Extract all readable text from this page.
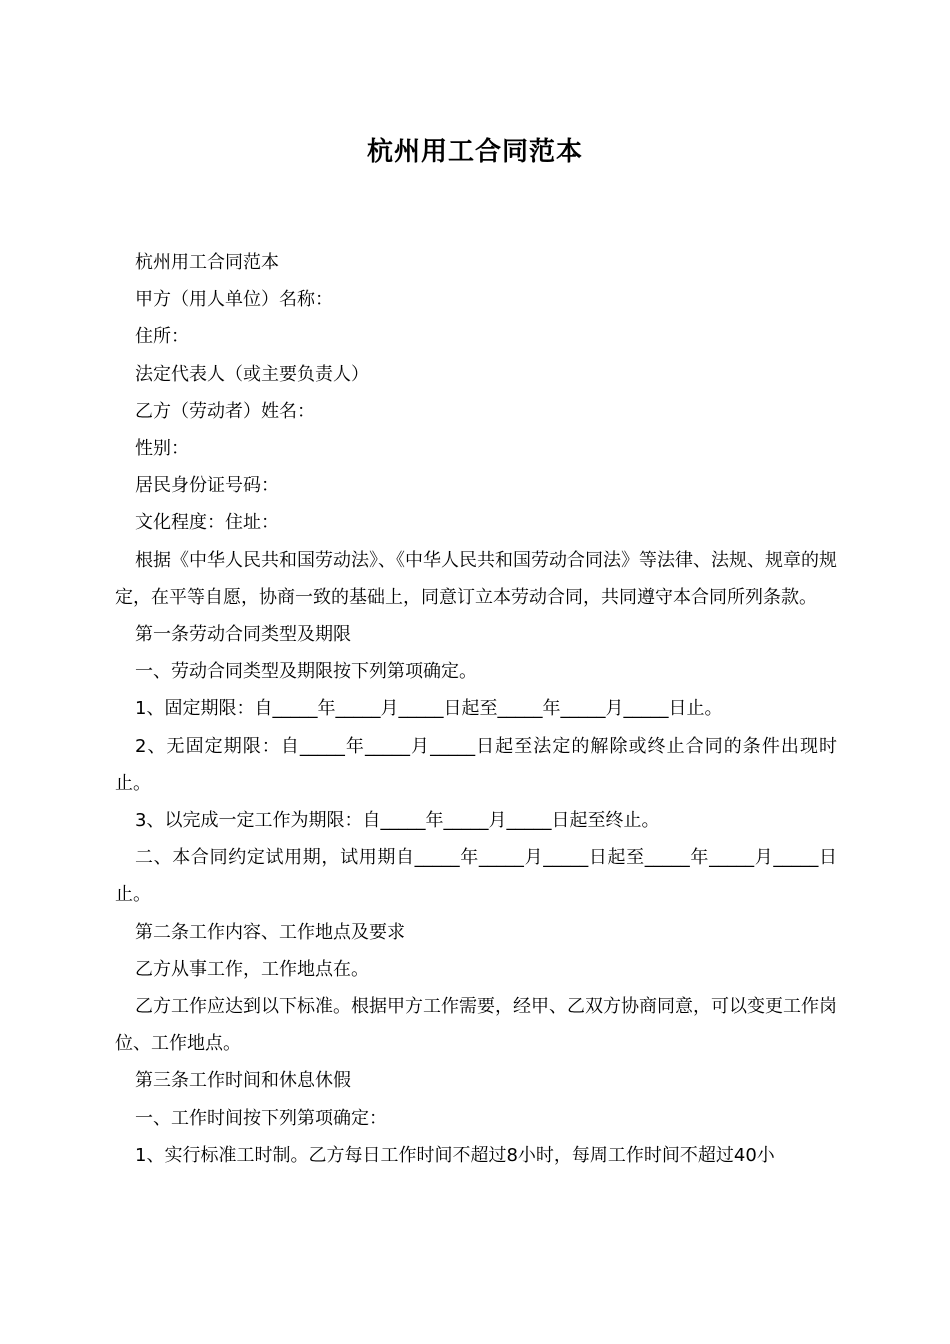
杭州用工合同范本

杭州用工合同范本

甲方（用人单位）名称：

住所：

法定代表人（或主要负责人）

乙方（劳动者）姓名：

性别：

居民身份证号码：

文化程度：住址：

根据《中华人民共和国劳动法》、《中华人民共和国劳动合同法》等法律、法规、规章的规定，在平等自愿，协商一致的基础上，同意订立本劳动合同，共同遵守本合同所列条款。

第一条劳动合同类型及期限

一、劳动合同类型及期限按下列第项确定。

1、固定期限：自_____年_____月_____日起至_____年_____月_____日止。

2、无固定期限：自_____年_____月_____日起至法定的解除或终止合同的条件出现时止。

3、以完成一定工作为期限：自_____年_____月_____日起至终止。

二、本合同约定试用期，试用期自_____年_____月_____日起至_____年_____月_____日止。

第二条工作内容、工作地点及要求

乙方从事工作，工作地点在。

乙方工作应达到以下标准。根据甲方工作需要，经甲、乙双方协商同意，可以变更工作岗位、工作地点。

第三条工作时间和休息休假

一、工作时间按下列第项确定：

1、实行标准工时制。乙方每日工作时间不超过8小时，每周工作时间不超过40小
